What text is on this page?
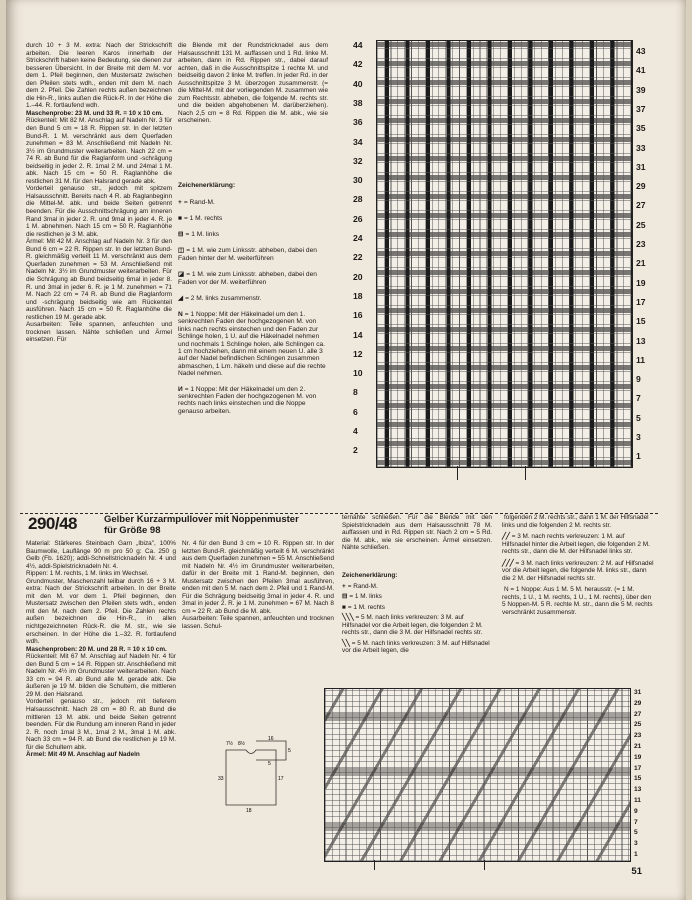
durch 10 + 3 M. extra: Nach der Strickschrift arbeiten. Die leeren Karos innerhalb der Strickschrift haben keine Bedeutung, sie dienen zur besseren Übersicht. In der Breite mit dem M. vor dem 1. Pfeil beginnen, den Mustersatz zwischen den Pfeilen stets wdh., enden mit dem M. nach dem 2. Pfeil. Die Zahlen rechts außen bezeichnen die Hin-R., links außen die Rück-R. In der Höhe die 1.–44. R. fortlaufend wdh.

Maschenprobe: 23 M. und 33 R. = 10 x 10 cm.

Rückenteil: Mit 82 M. Anschlag auf Nadeln Nr. 3 für den Bund 5 cm = 18 R. Rippen str. In der letzten Bund-R. 1 M. verschränkt aus dem Querfaden zunehmen = 83 M. Anschließend mit Nadeln Nr. 3½ im Grundmuster weiterarbeiten. Nach 22 cm = 74 R. ab Bund für die Raglanform und -schrägung beidseitig in jeder 2. R. 1mal 2 M. und 24mal 1 M. abk. Nach 15 cm = 50 R. Raglanhöhe die restlichen 31 M. für den Halsrand gerade abk.

Vorderteil genauso str., jedoch mit spitzem Halsausschnitt. Bereits nach 4 R. ab Raglanbeginn die Mittel-M. abk. und beide Seiten getrennt beenden. Für die Ausschnittschrägung am inneren Rand 3mal in jeder 2. R. und 9mal in jeder 4. R. je 1 M. abnehmen. Nach 15 cm = 50 R. Raglanhöhe die restlichen je 3 M. abk.

Ärmel: Mit 42 M. Anschlag auf Nadeln Nr. 3 für den Bund 6 cm = 22 R. Rippen str. In der letzten Bund-R. gleichmäßig verteilt 11 M. verschränkt aus dem Querfaden zunehmen = 53 M. Anschließend mit Nadeln Nr. 3½ im Grundmuster weiterarbeiten. Für die Schrägung ab Bund beidseitig 6mal in jeder 8. R. und 3mal in jeder 6. R. je 1 M. zunehmen = 71 M. Nach 22 cm = 74 R. ab Bund die Raglanform und -schrägung beidseitig wie am Rückenteil ausführen. Nach 15 cm = 50 R. Raglanhöhe die restlichen 19 M. gerade abk.

Ausarbeiten: Teile spannen, anfeuchten und trocknen lassen. Nähte schließen und Ärmel einsetzen. Für

die Blende mit der Rundstricknadel aus dem Halsausschnitt 131 M. auffassen und 1 Rd. linke M. arbeiten, dann in Rd. Rippen str., dabei darauf achten, daß in die Ausschnittspitze 1 rechte M. und beidseitig davon 2 linke M. treffen. In jeder Rd. in der Ausschnittspitze 3 M. überzogen zusammenstr. (= die Mittel-M. mit der vorliegenden M. zusammen wie zum Rechtsstr. abheben, die folgende M. rechts str. und die beiden abgehobenen M. darüberziehen). Nach 2,5 cm = 8 Rd. Rippen die M. abk., wie sie erscheinen.

Zeichenerklärung:
+ = Rand-M.
■ = 1 M. rechts
⊟ = 1 M. links
◫ = 1 M. wie zum Linksstr. abheben, dabei den Faden hinter der M. weiterführen
◪ = 1 M. wie zum Linksstr. abheben, dabei den Faden vor der M. weiterführen
◢ = 2 M. links zusammenstr.
Ν = 1 Noppe: Mit der Häkelnadel um den 1. senkrechten Faden der hochgezogenen M. von links nach rechts einstechen und den Faden zur Schlinge holen, 1 U. auf die Häkelnadel nehmen und nochmals 1 Schlinge holen, alle Schlingen ca. 1 cm hochziehen, dann mit einem neuen U. alle 3 auf der Nadel befindlichen Schlingen zusammen abmaschen, 1 Lm. häkeln und diese auf die rechte Nadel nehmen.
И = 1 Noppe: Mit der Häkelnadel um den 2. senkrechten Faden der hochgezogenen M. von rechts nach links einstechen und die Noppe genauso arbeiten.
44
42
40
38
36
34
32
30
28
26
24
22
20
18
16
14
12
10
8
6
4
2
43
41
39
37
35
33
31
29
27
25
23
21
19
17
15
13
11
9
7
5
3
1
290/48	Gelber Kurzarmpullover mit Noppenmuster
für Größe 98

Material: Stärkeres Steinbach Garn „Ibiza", 100% Baumwolle, Lauflänge 90 m pro 50 g: Ca. 250 g Gelb (Fb. 1620); addi-Schnellstricknadeln Nr. 4 und 4½, addi-Spielstricknadeln Nr. 4.

Rippen: 1 M. rechts, 1 M. links im Wechsel.

Grundmuster, Maschenzahl teilbar durch 16 + 3 M. extra: Nach der Strickschrift arbeiten. In der Breite mit den M. vor dem 1. Pfeil beginnen, den Mustersatz zwischen den Pfeilen stets wdh., enden mit den M. nach dem 2. Pfeil. Die Zahlen rechts außen bezeichnen die Hin-R., in allen nichtgezeichneten Rück-R. die M. str., wie sie erscheinen. In der Höhe die 1.–32. R. fortlaufend wdh.

Maschenproben: 20 M. und 28 R. = 10 x 10 cm.

Rückenteil: Mit 67 M. Anschlag auf Nadeln Nr. 4 für den Bund 5 cm = 14 R. Rippen str. Anschließend mit Nadeln Nr. 4½ im Grundmuster weiterarbeiten. Nach 33 cm = 94 R. ab Bund alle M. gerade abk. Die äußeren je 19 M. bilden die Schultern, die mittleren 29 M. den Halsrand.

Vorderteil genauso str., jedoch mit tieferem Halsausschnitt. Nach 28 cm = 80 R. ab Bund die mittleren 13 M. abk. und beide Seiten getrennt beenden. Für die Rundung am inneren Rand in jeder 2. R. noch 1mal 3 M., 1mal 2 M., 3mal 1 M. abk. Nach 33 cm = 94 R. ab Bund die restlichen je 19 M. für die Schultern abk.

Ärmel: Mit 49 M. Anschlag auf Nadeln

Nr. 4 für den Bund 3 cm = 10 R. Rippen str. In der letzten Bund-R. gleichmäßig verteilt 6 M. verschränkt aus dem Querfaden zunehmen = 55 M. Anschließend mit Nadeln Nr. 4½ im Grundmuster weiterarbeiten, dafür in der Breite mit 1 Rand-M. beginnen, den Mustersatz zwischen den Pfeilen 3mal ausführen, enden mit den 5 M. nach dem 2. Pfeil und 1 Rand-M. Für die Schrägung beidseitig 3mal in jeder 4. R. und 3mal in jeder 2. R. je 1 M. zunehmen = 67 M. Nach 8 cm = 22 R. ab Bund die M. abk.

Ausarbeiten: Teile spannen, anfeuchten und trocknen lassen. Schul-

7½ 8½
16
5
33
5
17
18

ternähte schließen. Für die Blende mit den Spielstricknadeln aus dem Halsausschnitt 78 M. auffassen und in Rd. Rippen str. Nach 2 cm = 5 Rd. die M. abk., wie sie erscheinen. Ärmel einsetzen. Nähte schließen.

Zeichenerklärung:
+ = Rand-M.
⊟ = 1 M. links
■ = 1 M. rechts
╲╲╲ = 5 M. nach links verkreuzen: 3 M. auf Hilfsnadel vor die Arbeit legen, die folgenden 2 M. rechts str., dann die 3 M. der Hilfsnadel rechts str.
╲╲ = 5 M. nach links verkreuzen: 3 M. auf Hilfsnadel vor die Arbeit legen, die
folgenden 2 M. rechts str., dann 1 M. der Hilfsnadel links und die folgenden 2 M. rechts str.
╱╱ = 3 M. nach rechts verkreuzen: 1 M. auf Hilfsnadel hinter die Arbeit legen, die folgenden 2 M. rechts str., dann die M. der Hilfsnadel links str.
╱╱╱ = 3 M. nach links verkreuzen: 2 M. auf Hilfsnadel vor die Arbeit legen, die folgende M. links str., dann die 2 M. der Hilfsnadel rechts str.
N = 1 Noppe: Aus 1 M. 5 M. herausstr. (= 1 M. rechts, 1 U., 1 M. rechts, 1 U., 1 M. rechts), über den 5 Noppen-M. 5 R. rechte M. str., dann die 5 M. rechts verschränkt zusammenstr.
31
29
27
25
23
21
19
17
15
13
11
9
7
5
3
1
51
